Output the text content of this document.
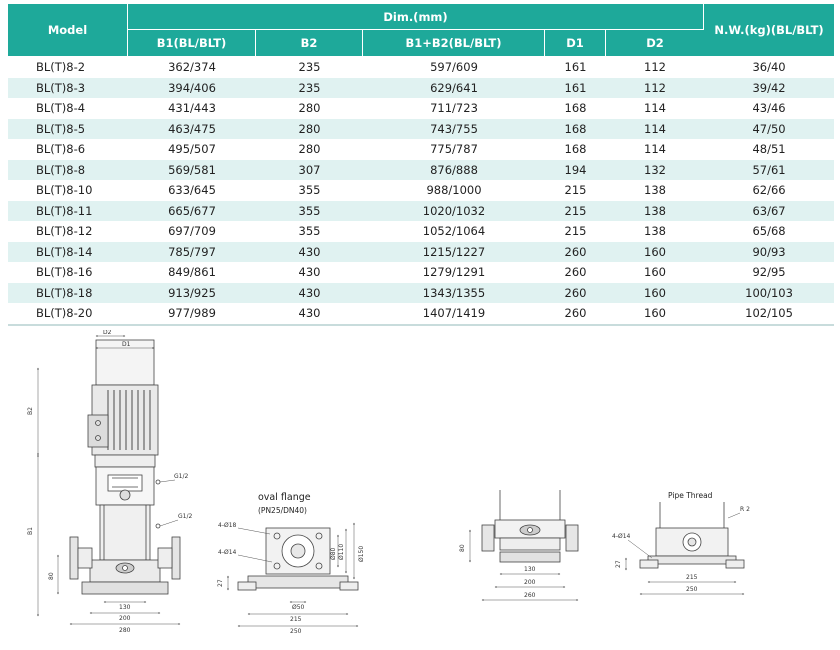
Model	Dim.(mm)					N.W.(kg)(BL/BLT)
	B1(BL/BLT)	B2	B1+B2(BL/BLT)	D1	D2	
BL(T)8-2	362/374	235	597/609	161	112	36/40
BL(T)8-3	394/406	235	629/641	161	112	39/42
BL(T)8-4	431/443	280	711/723	168	114	43/46
BL(T)8-5	463/475	280	743/755	168	114	47/50
BL(T)8-6	495/507	280	775/787	168	114	48/51
BL(T)8-8	569/581	307	876/888	194	132	57/61
BL(T)8-10	633/645	355	988/1000	215	138	62/66
BL(T)8-11	665/677	355	1020/1032	215	138	63/67
BL(T)8-12	697/709	355	1052/1064	215	138	65/68
BL(T)8-14	785/797	430	1215/1227	260	160	90/93
BL(T)8-16	849/861	430	1279/1291	260	160	92/95
BL(T)8-18	913/925	430	1343/1355	260	160	100/103
BL(T)8-20	977/989	430	1407/1419	260	160	102/105
D2
D1
B2
B1
80
130
200
280
G1/2
G1/2
oval flange
(PN25/DN40)
4-Ø18
4-Ø14	Ø80 Ø110 Ø150
27
Ø50
215
250
80
130
200
260
Pipe Thread
R 2
4-Ø14
27
215
250
